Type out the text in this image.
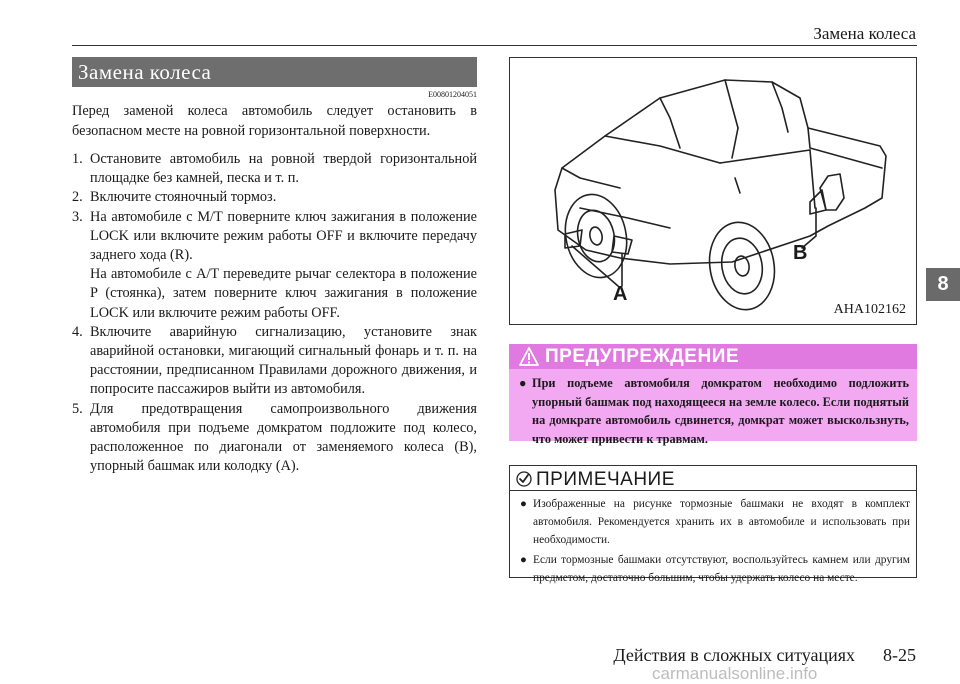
Замена колеса
Замена колеса
E00801204051
Перед заменой колеса автомобиль следует остановить в безопасном месте на ровной горизонтальной поверхности.
1. Остановите автомобиль на ровной твердой горизонтальной площадке без камней, песка и т. п.
2. Включите стояночный тормоз.
3. На автомобиле с М/Т поверните ключ зажигания в положение LOCK или включите режим работы OFF и включите передачу заднего хода (R).
На автомобиле с A/T переведите рычаг селектора в положение P (стоянка), затем поверните ключ зажигания в положение LOCK или включите режим работы OFF.
4. Включите аварийную сигнализацию, установите знак аварийной остановки, мигающий сигнальный фонарь и т. п. на расстоянии, предписанном Правилами дорожного движения, и попросите пассажиров выйти из автомобиля.
5. Для предотвращения самопроизвольного движения автомобиля при подъеме домкратом подложите под колесо, расположенное по диагонали от заменяемого колеса (B), упорный башмак или колодку (A).
A
B
AHA102162
ПРЕДУПРЕЖДЕНИЕ
● При подъеме автомобиля домкратом необходимо подложить упорный башмак под находящееся на земле колесо. Если поднятый на домкрате автомобиль сдвинется, домкрат может выскользнуть, что может привести к травмам.
ПРИМЕЧАНИЕ
● Изображенные на рисунке тормозные башмаки не входят в комплект автомобиля. Рекомендуется хранить их в автомобиле и использовать при необходимости.
● Если тормозные башмаки отсутствуют, воспользуйтесь камнем или другим предметом, достаточно большим, чтобы удержать колесо на месте.
8
Действия в сложных ситуациях 8-25
carmanualsonline.info
